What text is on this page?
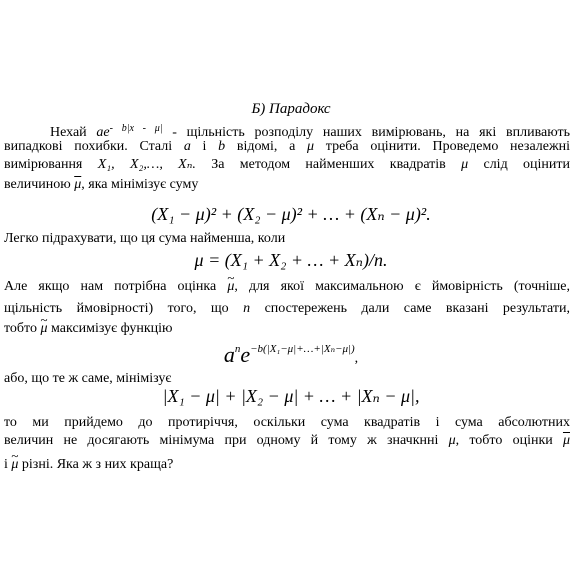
Б) Парадокс
Нехай $ae^{- b|x - \mu|}$ - щільність розподілу наших вимірювань, на які впливають
випадкові похибки. Сталі a і b відомі, а μ треба оцінити. Проведемо незалежні
вимірювання X₁, X₂,…, Xₙ. За методом найменших квадратів μ слід оцінити
величиною $\overline{\mu}$, яка мінімізує суму
(X₁ − μ)² + (X₂ − μ)² + … + (Xₙ − μ)².
Легко підрахувати, що ця сума найменша, коли
μ = (X₁ + X₂ + … + Xₙ)/n.
Але якщо нам потрібна оцінка ~ μ, для якої максимальною є ймовірність (точніше,
щільність ймовірності) того, що n спостережень дали саме вказані результати,
тобто ~ μ максимізує функцію
$a^ne^{-b(|X_1-\mu|+\dots+|X_n-\mu|)}$,
або, що те ж саме, мінімізує
|X₁ − μ| + |X₂ − μ| + … + |Xₙ − μ|,
то ми прийдемо до протиріччя, оскільки сума квадратів і сума абсолютних
величин не досягають мінімума при одному й тому ж значкнні μ, тобто оцінки $\overline{\mu}$
і ~ μ різні. Яка ж з них краща?
